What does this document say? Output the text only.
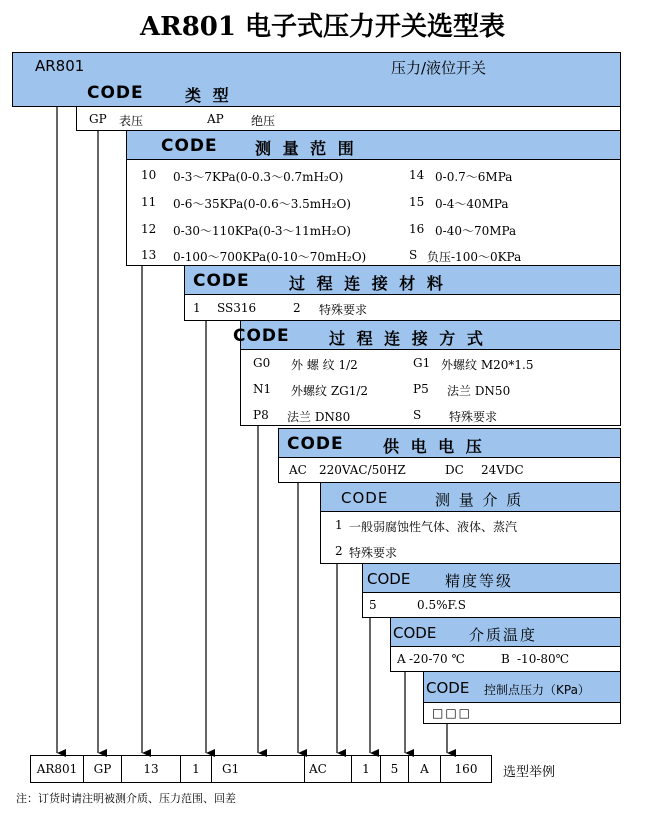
AR801 电子式压力开关选型表
AR801	压力/液位开关
CODE	类 型
GP 表压	AP 绝压
CODE 测 量 范 围
10 0-3～7KPa(0-0.3～0.7mH₂O)	14 0-0.7～6MPa
11 0-6～35KPa(0-0.6～3.5mH₂O)	15 0-4～40MPa
12 0-30～110KPa(0-3～11mH₂O)	16 0-40～70MPa
13 0-100～700KPa(0-10～70mH₂O)	S 负压-100～0KPa
CODE 过 程 连 接 材 料
1 SS316	2 特殊要求
CODE 过 程 连 接 方 式
G0 外 螺 纹 1/2	G1 外螺纹 M20*1.5
N1 外螺纹 ZG1/2	P5 法兰 DN50
P8 法兰 DN80	S 特殊要求
CODE 供 电 电 压
AC 220VAC/50HZ	DC 24VDC
CODE	测 量 介 质
1 一般弱腐蚀性气体、液体、蒸汽
2 特殊要求
CODE 精度等级
5	0.5%F.S
CODE 介质温度
A -20-70 ℃	B -10-80℃
CODE 控制点压力（KPa）
□□□
AR801	GP	13	1	G1	AC	1	5	A	160	选型举例
注：订货时请注明被测介质、压力范围、回差
